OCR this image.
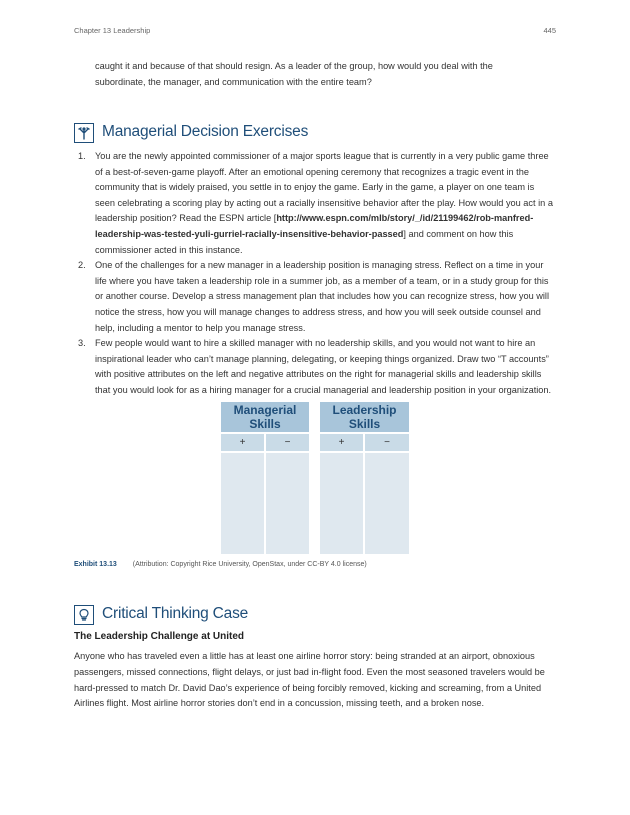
Chapter 13 Leadership	445
caught it and because of that should resign. As a leader of the group, how would you deal with the subordinate, the manager, and communication with the entire team?
Managerial Decision Exercises
1. You are the newly appointed commissioner of a major sports league that is currently in a very public game three of a best-of-seven-game playoff. After an emotional opening ceremony that recognizes a tragic event in the community that is widely praised, you settle in to enjoy the game. Early in the game, a player on one team is seen celebrating a scoring play by acting out a racially insensitive behavior after the play. How would you act in a leadership position? Read the ESPN article [http://www.espn.com/mlb/story/_/id/21199462/rob-manfred-leadership-was-tested-yuli-gurriel-racially-insensitive-behavior-passed] and comment on how this commissioner acted in this instance.
2. One of the challenges for a new manager in a leadership position is managing stress. Reflect on a time in your life where you have taken a leadership role in a summer job, as a member of a team, or in a study group for this or another course. Develop a stress management plan that includes how you can recognize stress, how you will notice the stress, how you will manage changes to address stress, and how you will seek outside counsel and help, including a mentor to help you manage stress.
3. Few people would want to hire a skilled manager with no leadership skills, and you would not want to hire an inspirational leader who can’t manage planning, delegating, or keeping things organized. Draw two “T accounts” with positive attributes on the left and negative attributes on the right for managerial skills and leadership skills that you would look for as a hiring manager for a crucial managerial and leadership position in your organization.
Managerial Skills
+	−
Leadership Skills
+	−
Exhibit 13.13 (Attribution: Copyright Rice University, OpenStax, under CC-BY 4.0 license)
Critical Thinking Case
The Leadership Challenge at United
Anyone who has traveled even a little has at least one airline horror story: being stranded at an airport, obnoxious passengers, missed connections, flight delays, or just bad in-flight food. Even the most seasoned travelers would be hard-pressed to match Dr. David Dao’s experience of being forcibly removed, kicking and screaming, from a United Airlines flight. Most airline horror stories don’t end in a concussion, missing teeth, and a broken nose.
